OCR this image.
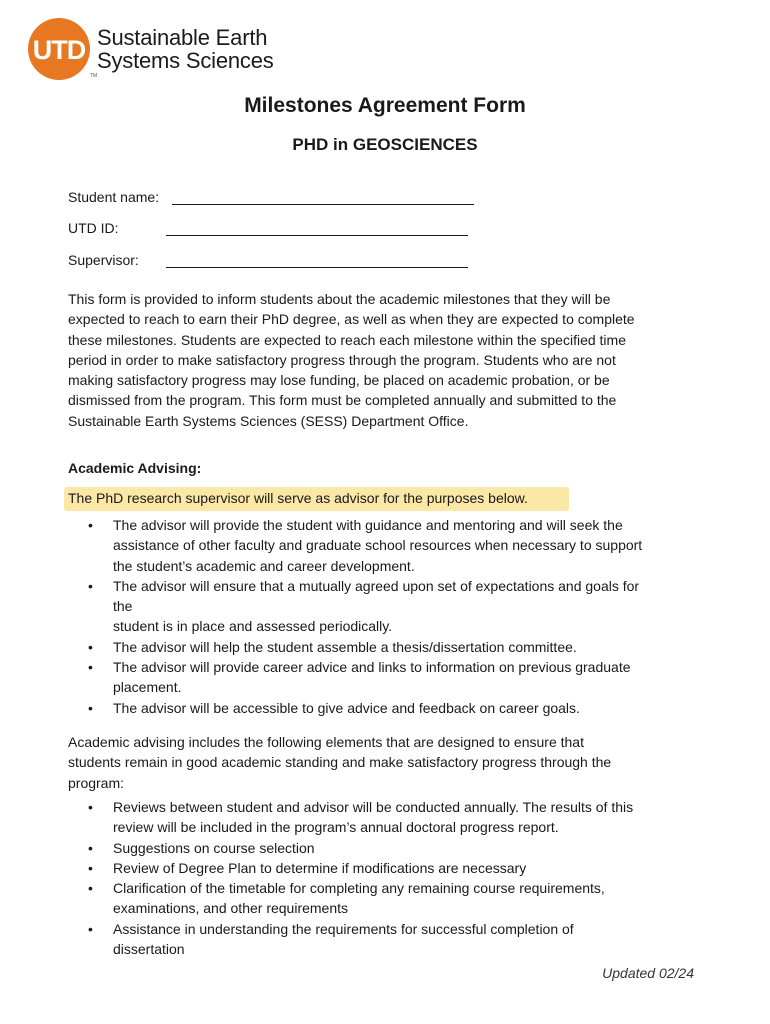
UTD
TM
Sustainable Earth
Systems Sciences
Milestones Agreement Form
PHD in GEOSCIENCES
Student name:
UTD ID:
Supervisor:
This form is provided to inform students about the academic milestones that they will be
expected to reach to earn their PhD degree, as well as when they are expected to complete
these milestones. Students are expected to reach each milestone within the specified time
period in order to make satisfactory progress through the program. Students who are not
making satisfactory progress may lose funding, be placed on academic probation, or be
dismissed from the program. This form must be completed annually and submitted to the
Sustainable Earth Systems Sciences (SESS) Department Office.
Academic Advising:
The PhD research supervisor will serve as advisor for the purposes below.
• The advisor will provide the student with guidance and mentoring and will seek the
assistance of other faculty and graduate school resources when necessary to support
the student’s academic and career development.
• The advisor will ensure that a mutually agreed upon set of expectations and goals for
the
student is in place and assessed periodically.
• The advisor will help the student assemble a thesis/dissertation committee.
• The advisor will provide career advice and links to information on previous graduate
placement.
• The advisor will be accessible to give advice and feedback on career goals.
Academic advising includes the following elements that are designed to ensure that
students remain in good academic standing and make satisfactory progress through the
program:
• Reviews between student and advisor will be conducted annually. The results of this
review will be included in the program’s annual doctoral progress report.
• Suggestions on course selection
• Review of Degree Plan to determine if modifications are necessary
• Clarification of the timetable for completing any remaining course requirements,
examinations, and other requirements
• Assistance in understanding the requirements for successful completion of
dissertation
Updated 02/24
